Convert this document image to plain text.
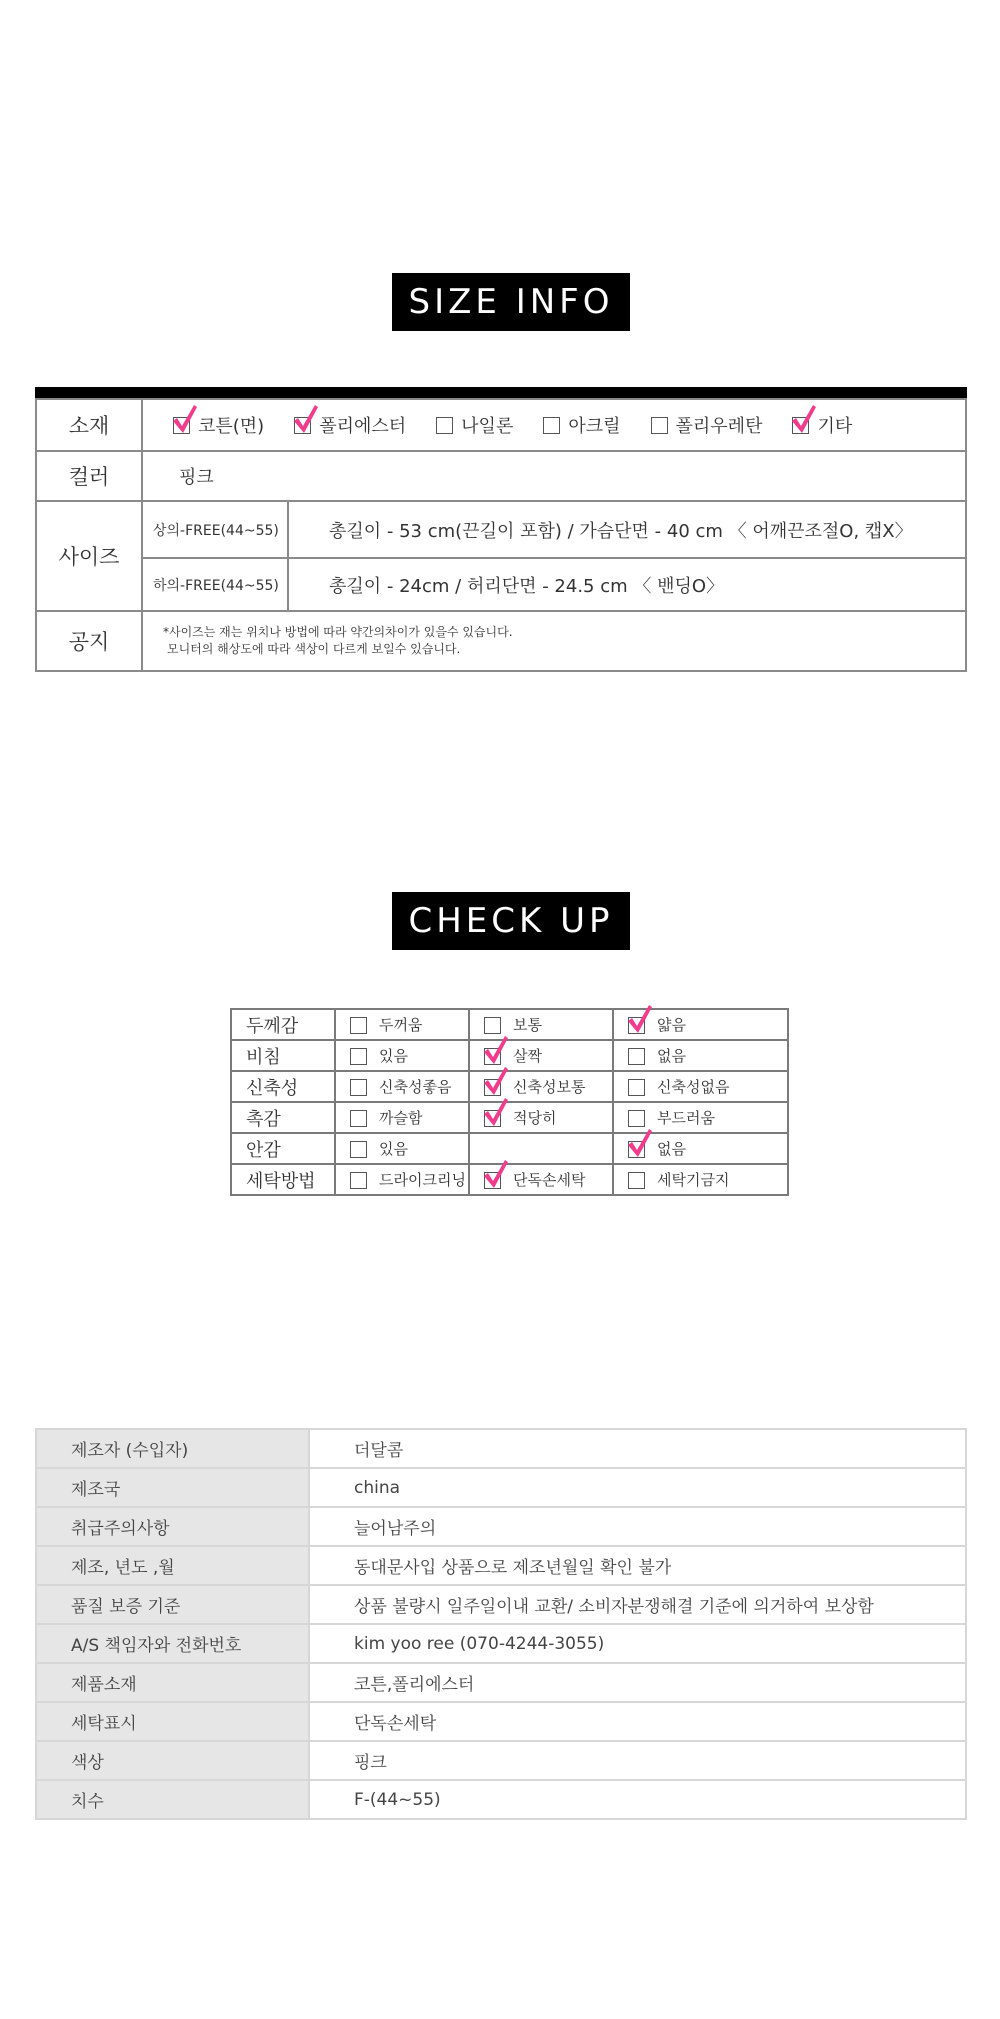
SIZE INFO
소재	코튼(면)	폴리에스터	나일론	아크릴	폴리우레탄	기타

컬러	핑크
사이즈	
상의-FREE(44~55)	총길이 - 53 cm(끈길이 포함) / 가슴단면 - 40 cm 〈 어깨끈조절O, 캡X〉
하의-FREE(44~55)	총길이 - 24cm / 허리단면 - 24.5 cm 〈 밴딩O〉

공지	*사이즈는 재는 위치나 방법에 따라 약간의차이가 있을수 있습니다.
모니터의 해상도에 따라 색상이 다르게 보일수 있습니다.
CHECK UP
두께감	두꺼움	보통	얇음
비침	있음	살짝	없음
신축성	신축성좋음	신축성보통	신축성없음
촉감	까슬함	적당히	부드러움
안감	있음		없음
세탁방법	드라이크리닝	단독손세탁	세탁기금지
제조자 (수입자)	더달콤
제조국	china
취급주의사항	늘어남주의
제조, 년도 ,월	동대문사입 상품으로 제조년월일 확인 불가
품질 보증 기준	상품 불량시 일주일이내 교환/ 소비자분쟁해결 기준에 의거하여 보상함
A/S 책임자와 전화번호	kim yoo ree (070-4244-3055)
제품소재	코튼,폴리에스터
세탁표시	단독손세탁
색상	핑크
치수	F-(44~55)
